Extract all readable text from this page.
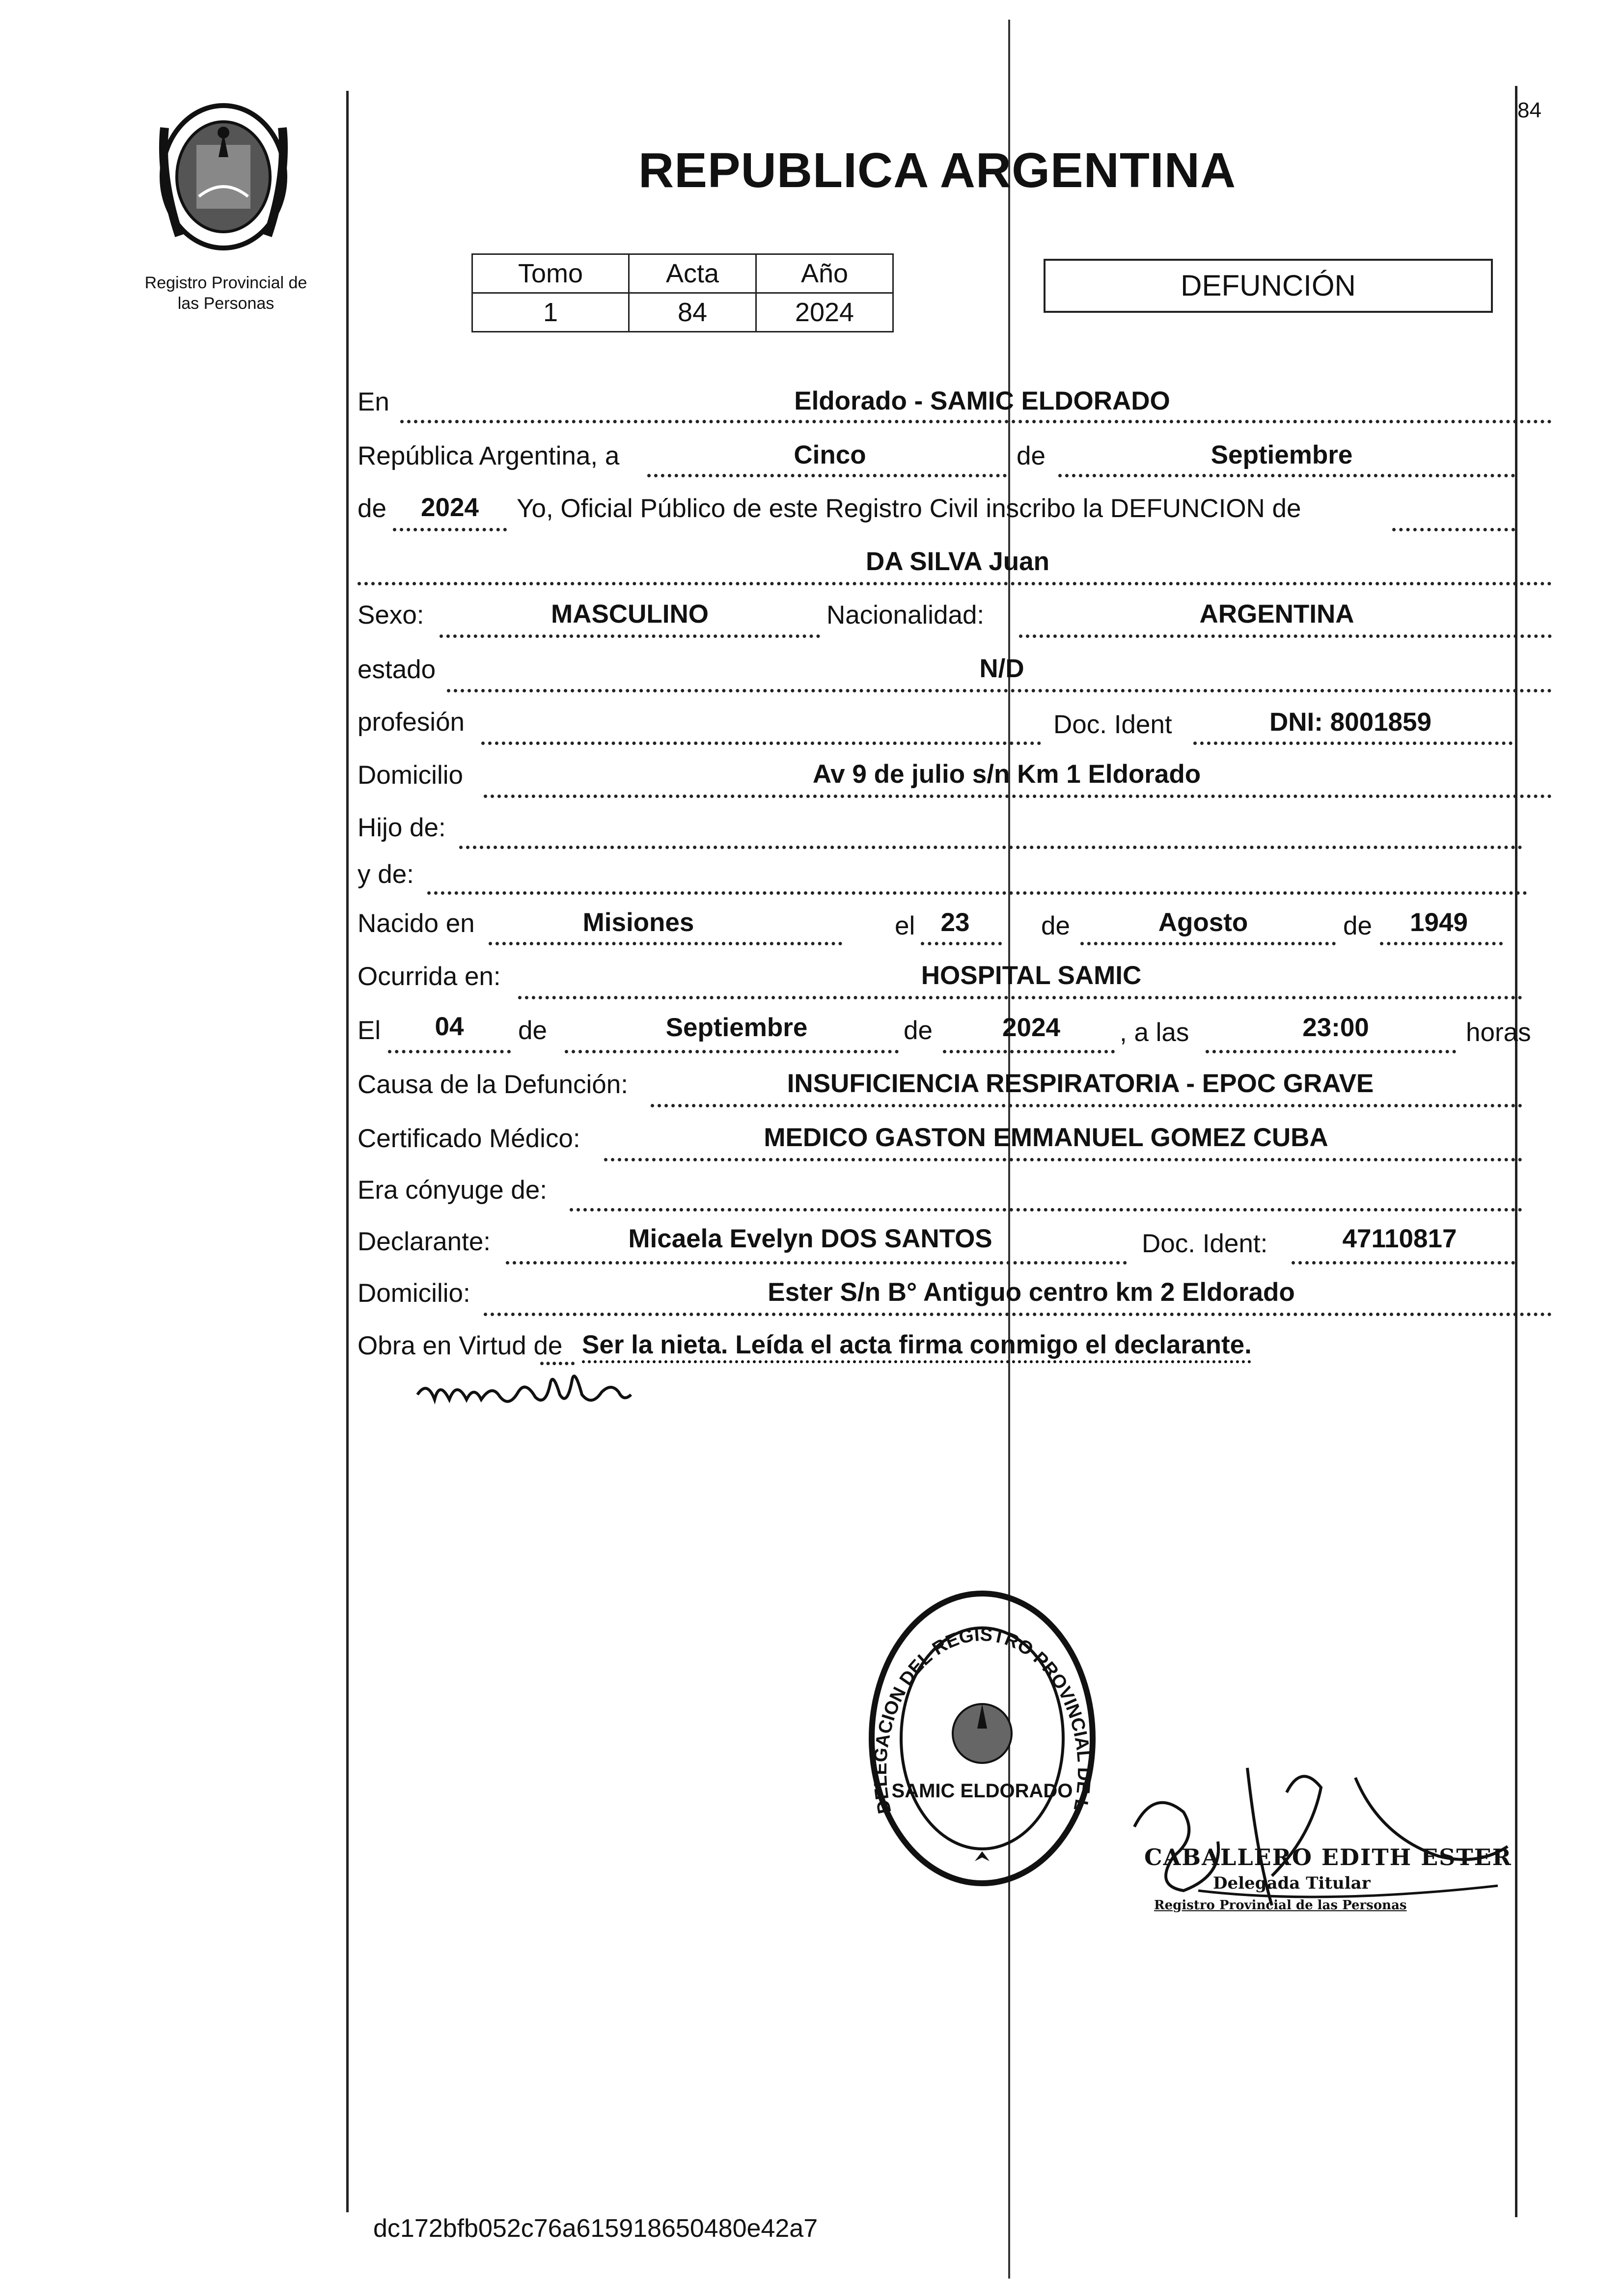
Registro Provincial de
las Personas
84
REPUBLICA ARGENTINA
Tomo	Acta	Año
1	84	2024
DEFUNCIÓN
En	Eldorado - SAMIC ELDORADO
República Argentina, a	Cinco	de	Septiembre
de	2024	Yo, Oficial Público de este Registro Civil inscribo la DEFUNCION de
DA SILVA Juan
Sexo:	MASCULINO	Nacionalidad:	ARGENTINA
estado	N/D
profesión	Doc. Ident	DNI: 8001859
Domicilio	Av 9 de julio s/n Km 1 Eldorado
Hijo de:
y de:
Nacido en	Misiones	el 23	de	Agosto	de	1949
Ocurrida en:	HOSPITAL SAMIC
El	04	de	Septiembre	de	2024	, a las	23:00	horas
Causa de la Defunción:	INSUFICIENCIA RESPIRATORIA - EPOC GRAVE
Certificado Médico:	MEDICO GASTON EMMANUEL GOMEZ CUBA
Era cónyuge de:
Declarante:	Micaela Evelyn DOS SANTOS	Doc. Ident:	47110817
Domicilio:	Ester S/n B° Antiguo centro km 2 Eldorado
Obra en Virtud de Ser la nieta. Leída el acta firma conmigo el declarante.
DELEGACION DEL REGISTRO PROVINCIAL DE L
SAMIC ELDORADO
CABALLERO EDITH ESTER
Delegada Titular
Registro Provincial de las Personas
dc172bfb052c76a615918650480e42a7
